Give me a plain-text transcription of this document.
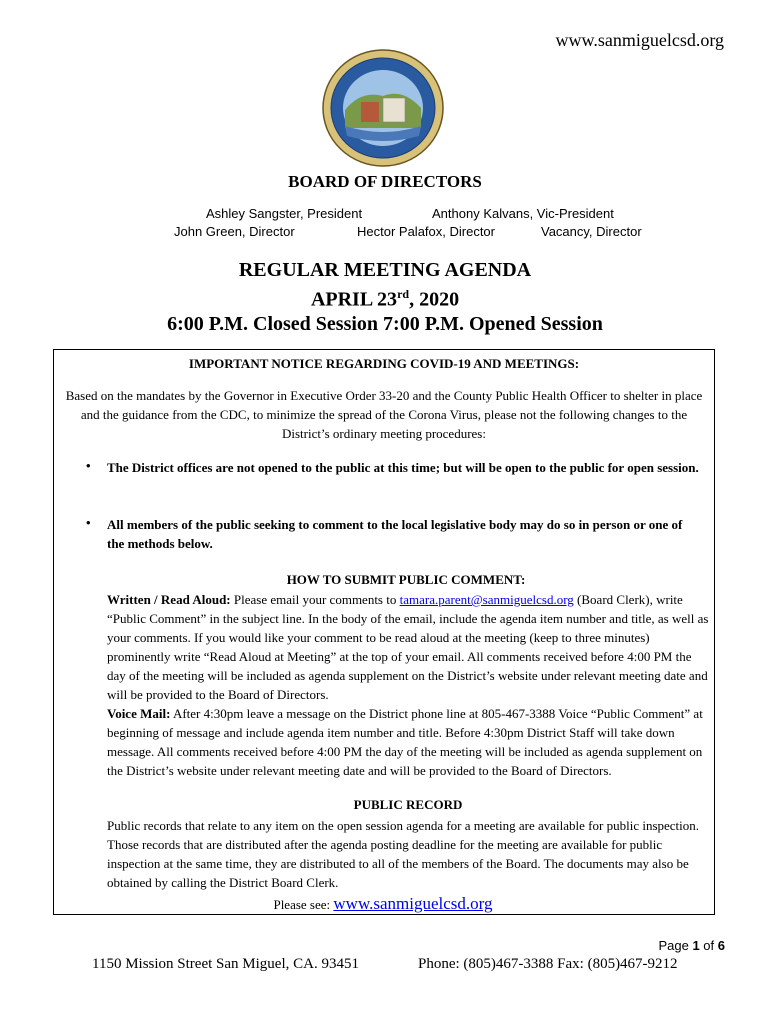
www.sanmiguelcsd.org
BOARD OF DIRECTORS
Ashley Sangster, President	Anthony Kalvans, Vic-President
John Green, Director	Hector Palafox, Director	Vacancy, Director
REGULAR MEETING AGENDA
APRIL 23rd, 2020
6:00 P.M. Closed Session 7:00 P.M. Opened Session
IMPORTANT NOTICE REGARDING COVID-19 AND MEETINGS:
Based on the mandates by the Governor in Executive Order 33-20 and the County Public Health Officer to shelter in place and the guidance from the CDC, to minimize the spread of the Corona Virus, please not the following changes to the District’s ordinary meeting procedures:
• The District offices are not opened to the public at this time; but will be open to the public for open session.
• All members of the public seeking to comment to the local legislative body may do so in person or one of the methods below.
HOW TO SUBMIT PUBLIC COMMENT:
Written / Read Aloud: Please email your comments to tamara.parent@sanmiguelcsd.org (Board Clerk), write “Public Comment” in the subject line. In the body of the email, include the agenda item number and title, as well as your comments. If you would like your comment to be read aloud at the meeting (keep to three minutes) prominently write “Read Aloud at Meeting” at the top of your email. All comments received before 4:00 PM the day of the meeting will be included as agenda supplement on the District’s website under relevant meeting date and will be provided to the Board of Directors.
Voice Mail: After 4:30pm leave a message on the District phone line at 805-467-3388 Voice “Public Comment” at beginning of message and include agenda item number and title. Before 4:30pm District Staff will take down message. All comments received before 4:00 PM the day of the meeting will be included as agenda supplement on the District’s website under relevant meeting date and will be provided to the Board of Directors.
PUBLIC RECORD
Public records that relate to any item on the open session agenda for a meeting are available for public inspection. Those records that are distributed after the agenda posting deadline for the meeting are available for public inspection at the same time, they are distributed to all of the members of the Board. The documents may also be obtained by calling the District Board Clerk.
Please see: www.sanmiguelcsd.org
Page 1 of 6
1150 Mission Street San Miguel, CA. 93451	Phone: (805)467-3388 Fax: (805)467-9212
